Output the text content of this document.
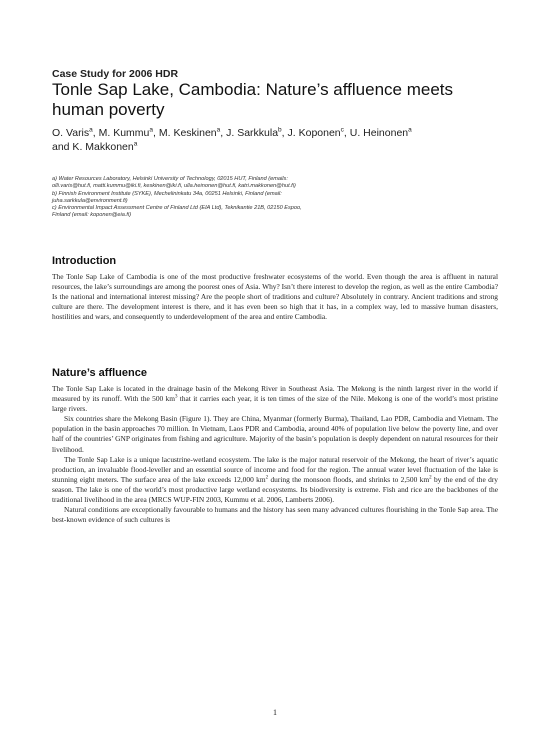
Case Study for 2006 HDR
Tonle Sap Lake, Cambodia: Nature’s affluence meets human poverty
O. Varis$^a$, M. Kummu$^a$, M. Keskinen$^a$, J. Sarkkula$^b$, J. Koponen$^c$, U. Heinonen$^a$
and K. Makkonen$^a$
a) Water Resources Laboratory, Helsinki University of Technology, 02015 HUT, Finland (emails:
olli.varis@hut.fi, matti.kummu@iki.fi, keskinen@iki.fi, ulla.heinonen@hut.fi, katri.makkonen@hut.fi)
b) Finnish Environment Institute (SYKE), Mechelininkatu 34a, 00251 Helsinki, Finland (email:
juha.sarkkula@environment.fi)
c) Environmental Impact Assessment Centre of Finland Ltd (EIA Ltd), Teknikantie 21B, 02150 Espoo,
Finland (email: koponen@eia.fi)
Introduction

The Tonle Sap Lake of Cambodia is one of the most productive freshwater ecosystems of the world. Even though the area is affluent in natural resources, the lake’s surroundings are among the poorest ones of Asia. Why? Isn’t there interest to develop the region, as well as the entire Cambodia? Is the national and international interest missing? Are the people short of traditions and culture? Absolutely in contrary. Ancient traditions and strong culture are there. The development interest is there, and it has even been so high that it has, in a complex way, led to massive human disasters, hostilities and wars, and consequently to underdevelopment of the area and entire Cambodia.

Nature’s affluence

The Tonle Sap Lake is located in the drainage basin of the Mekong River in Southeast Asia. The Mekong is the ninth largest river in the world if measured by its runoff. With the 500 $km^3$ that it carries each year, it is ten times of the size of the Nile. Mekong is one of the world’s most pristine large rivers.

Six countries share the Mekong Basin (Figure 1). They are China, Myanmar (formerly Burma), Thailand, Lao PDR, Cambodia and Vietnam. The population in the basin approaches 70 million. In Vietnam, Laos PDR and Cambodia, around 40% of population live below the poverty line, and over half of the countries’ GNP originates from fishing and agriculture. Majority of the basin’s population is deeply dependent on natural resources for their livelihood.

The Tonle Sap Lake is a unique lacustrine-wetland ecosystem. The lake is the major natural reservoir of the Mekong, the heart of river’s aquatic production, an invaluable flood-leveller and an essential source of income and food for the region. The annual water level fluctuation of the lake is stunning eight meters. The surface area of the lake exceeds 12,000 $km^2$ during the monsoon floods, and shrinks to 2,500 $km^2$ by the end of the dry season. The lake is one of the world’s most productive large wetland ecosystems. Its biodiversity is extreme. Fish and rice are the backbones of the traditional livelihood in the area (MRCS WUP-FIN 2003, Kummu et al. 2006, Lamberts 2006).

Natural conditions are exceptionally favourable to humans and the history has seen many advanced cultures flourishing in the Tonle Sap area. The best-known evidence of such cultures is

1
